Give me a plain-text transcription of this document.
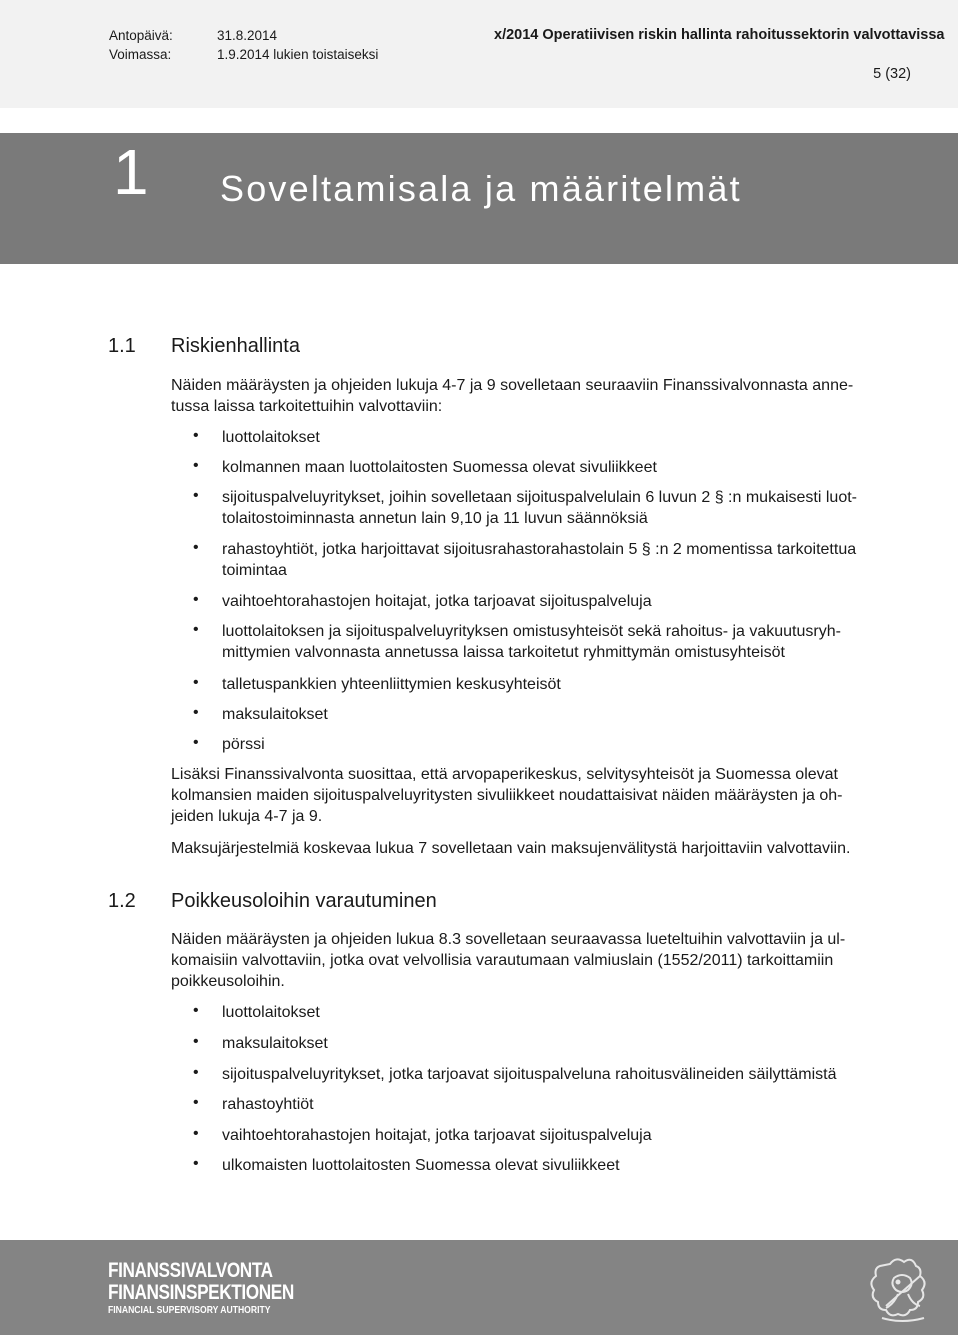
Antopäivä:	31.8.2014
Voimassa:	1.9.2014 lukien toistaiseksi
x/2014 Operatiivisen riskin hallinta rahoitussektorin valvottavissa
5 (32)
1 Soveltamisala ja määritelmät
1.1 Riskienhallinta
Näiden määräysten ja ohjeiden lukuja 4-7 ja 9 sovelletaan seuraaviin Finanssivalvonnasta anne-
tussa laissa tarkoitettuihin valvottaviin:
• luottolaitokset
• kolmannen maan luottolaitosten Suomessa olevat sivuliikkeet
• sijoituspalveluyritykset, joihin sovelletaan sijoituspalvelulain 6 luvun 2 § :n mukaisesti luot-
tolaitostoiminnasta annetun lain 9,10 ja 11 luvun säännöksiä
• rahastoyhtiöt, jotka harjoittavat sijoitusrahastorahastolain 5 § :n 2 momentissa tarkoitettua
toimintaa
• vaihtoehtorahastojen hoitajat, jotka tarjoavat sijoituspalveluja
• luottolaitoksen ja sijoituspalveluyrityksen omistusyhteisöt sekä rahoitus- ja vakuutusryh-
mittymien valvonnasta annetussa laissa tarkoitetut ryhmittymän omistusyhteisöt
• talletuspankkien yhteenliittymien keskusyhteisöt
• maksulaitokset
• pörssi
Lisäksi Finanssivalvonta suosittaa, että arvopaperikeskus, selvitysyhteisöt ja Suomessa olevat
kolmansien maiden sijoituspalveluyritysten sivuliikkeet noudattaisivat näiden määräysten ja oh-
jeiden lukuja 4-7 ja 9.
Maksujärjestelmiä koskevaa lukua 7 sovelletaan vain maksujenvälitystä harjoittaviin valvottaviin.
1.2 Poikkeusoloihin varautuminen
Näiden määräysten ja ohjeiden lukua 8.3 sovelletaan seuraavassa lueteltuihin valvottaviin ja ul-
komaisiin valvottaviin, jotka ovat velvollisia varautumaan valmiuslain (1552/2011) tarkoittamiin
poikkeusoloihin.
• luottolaitokset
• maksulaitokset
• sijoituspalveluyritykset, jotka tarjoavat sijoituspalveluna rahoitusvälineiden säilyttämistä
• rahastoyhtiöt
• vaihtoehtorahastojen hoitajat, jotka tarjoavat sijoituspalveluja
• ulkomaisten luottolaitosten Suomessa olevat sivuliikkeet
FINANSSIVALVONTA
FINANSINSPEKTIONEN
FINANCIAL SUPERVISORY AUTHORITY
